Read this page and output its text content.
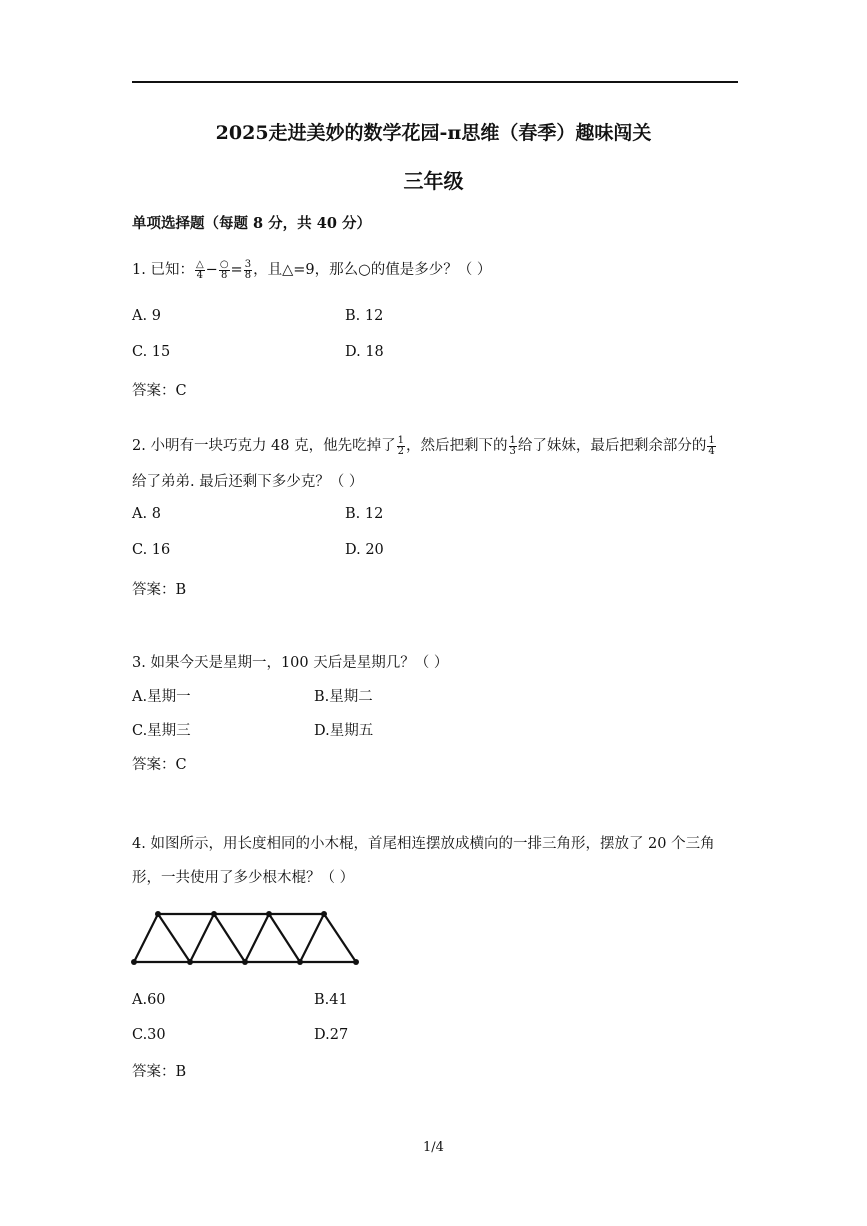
2025走进美妙的数学花园-π思维（春季）趣味闯关
三年级
单项选择题（每题 8 分，共 40 分）
1. 已知： $\frac{\triangle}{4} - \frac{○}{8} = \frac{3}{8}$ ，且△=9，那么○的值是多少？（ ）
A. 9	B. 12
C. 15	D. 18
答案：C
2. 小明有一块巧克力 48 克，他先吃掉了 $\frac{1}{2}$ ，然后把剩下的 $\frac{1}{3}$ 给了妹妹，最后把剩余部分的 $\frac{1}{4}$
给了弟弟. 最后还剩下多少克？（ ）
A. 8	B. 12
C. 16	D. 20
答案：B
3. 如果今天是星期一，100 天后是星期几？（ ）
A.星期一	B.星期二
C.星期三	D.星期五
答案：C
4. 如图所示，用长度相同的小木棍，首尾相连摆放成横向的一排三角形，摆放了 20 个三角
形，一共使用了多少根木棍？（ ）
A.60	B.41
C.30	D.27
答案：B
1/4
